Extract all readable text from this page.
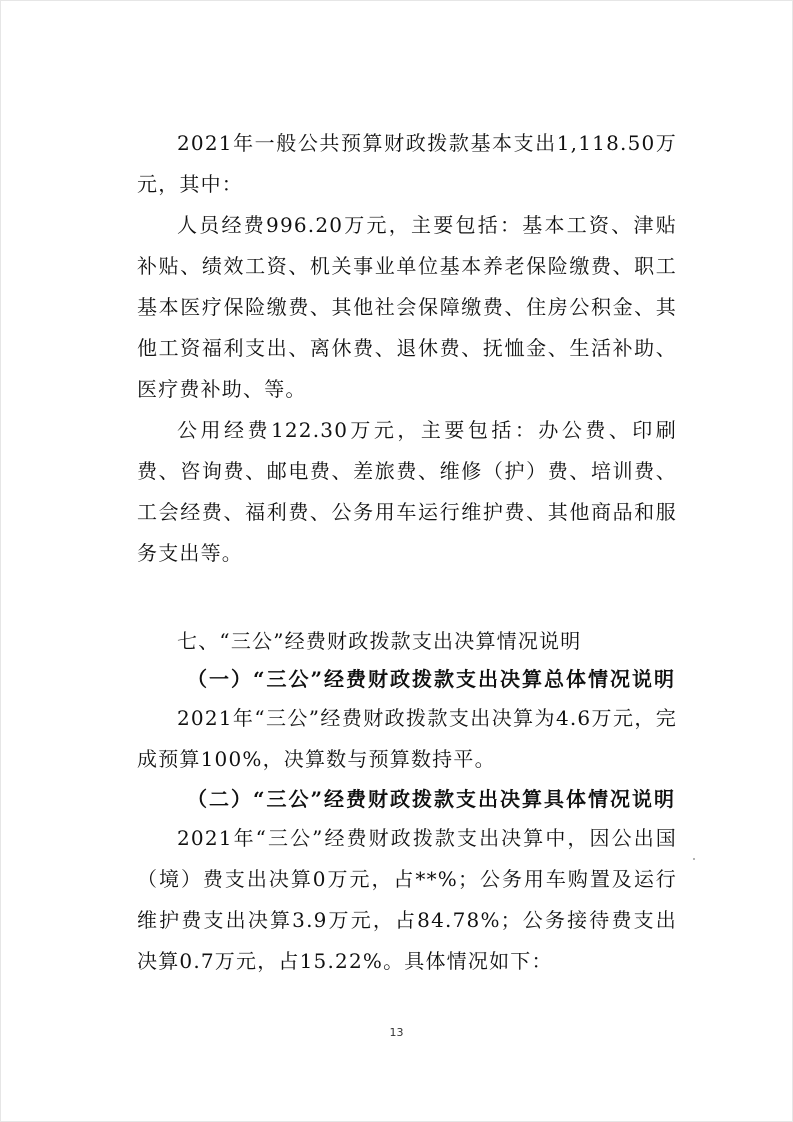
2021年一般公共预算财政拨款基本支出1,118.50万元，其中：

人员经费996.20万元，主要包括：基本工资、津贴补贴、绩效工资、机关事业单位基本养老保险缴费、职工基本医疗保险缴费、其他社会保障缴费、住房公积金、其他工资福利支出、离休费、退休费、抚恤金、生活补助、医疗费补助、等。

公用经费122.30万元，主要包括：办公费、印刷费、咨询费、邮电费、差旅费、维修（护）费、培训费、工会经费、福利费、公务用车运行维护费、其他商品和服务支出等。

七、“三公”经费财政拨款支出决算情况说明

（一）“三公”经费财政拨款支出决算总体情况说明

2021年“三公”经费财政拨款支出决算为4.6万元，完成预算100%，决算数与预算数持平。

（二）“三公”经费财政拨款支出决算具体情况说明

2021年“三公”经费财政拨款支出决算中，因公出国（境）费支出决算0万元，占**%；公务用车购置及运行维护费支出决算3.9万元，占84.78%；公务接待费支出决算0.7万元，占15.22%。具体情况如下：

13
